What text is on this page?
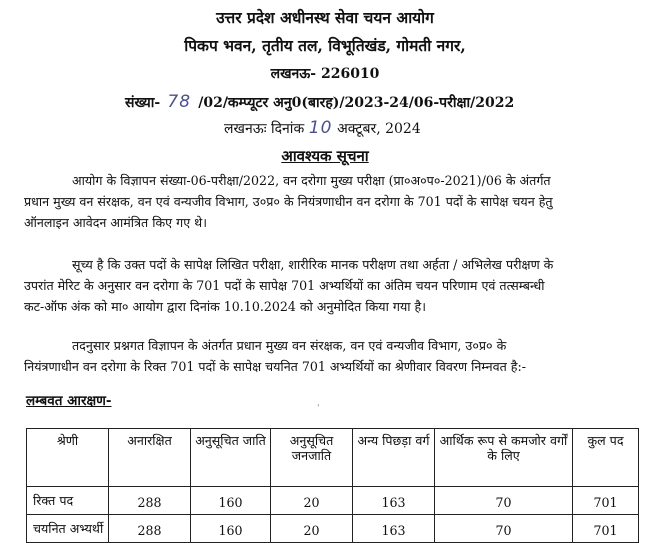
उत्तर प्रदेश अधीनस्थ सेवा चयन आयोग
पिकप भवन, तृतीय तल, विभूतिखंड, गोमती नगर,
लखनऊ- 226010
संख्या- 78 /02/कम्प्यूटर अनु0(बारह)/2023-24/06-परीक्षा/2022
लखनऊः दिनांक 10 अक्टूबर, 2024
आवश्यक सूचना

आयोग के विज्ञापन संख्या-06-परीक्षा/2022, वन दरोगा मुख्य परीक्षा (प्रा०अ०प०-2021)/06 के अंतर्गत

प्रधान मुख्य वन संरक्षक, वन एवं वन्यजीव विभाग, उ०प्र० के नियंत्रणाधीन वन दरोगा के 701 पदों के सापेक्ष चयन हेतु

ऑनलाइन आवेदन आमंत्रित किए गए थे।

सूच्य है कि उक्त पदों के सापेक्ष लिखित परीक्षा, शारीरिक मानक परीक्षण तथा अर्हता / अभिलेख परीक्षण के

उपरांत मेरिट के अनुसार वन दरोगा के 701 पदों के सापेक्ष 701 अभ्यर्थियों का अंतिम चयन परिणाम एवं तत्सम्बन्धी

कट-ऑफ अंक को मा० आयोग द्वारा दिनांक 10.10.2024 को अनुमोदित किया गया है।

तदनुसार प्रश्नगत विज्ञापन के अंतर्गत प्रधान मुख्य वन संरक्षक, वन एवं वन्यजीव विभाग, उ०प्र० के

नियंत्रणाधीन वन दरोगा के रिक्त 701 पदों के सापेक्ष चयनित 701 अभ्यर्थियों का श्रेणीवार विवरण निम्नवत है:-

लम्बवत आरक्षण-	'
श्रेणी	अनारक्षित	अनुसूचित जाति	अनुसूचित जनजाति	अन्य पिछड़ा वर्ग	आर्थिक रूप से कमजोर वर्गों के लिए	कुल पद
रिक्त पद	288	160	20	163	70	701
चयनित अभ्यर्थी	288	160	20	163	70	701
